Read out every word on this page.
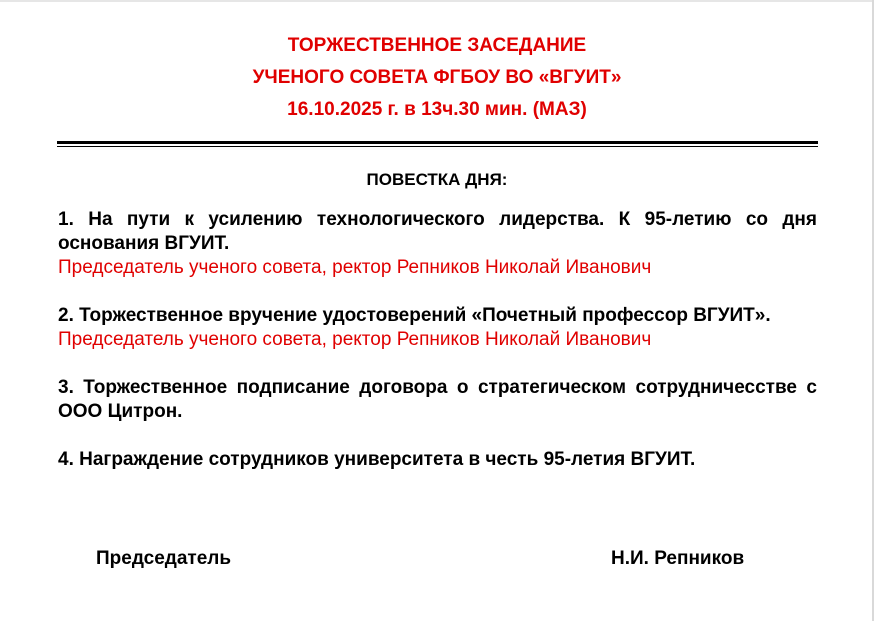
ТОРЖЕСТВЕННОЕ ЗАСЕДАНИЕ
УЧЕНОГО СОВЕТА ФГБОУ ВО «ВГУИТ»
16.10.2025 г. в 13ч.30 мин. (МАЗ)
ПОВЕСТКА ДНЯ:
1. На пути к усилению технологического лидерства. К 95-летию со дня основания ВГУИТ.
Председатель ученого совета, ректор Репников Николай Иванович
2. Торжественное вручение удостоверений «Почетный профессор ВГУИТ».
Председатель ученого совета, ректор Репников Николай Иванович
3. Торжественное подписание договора о стратегическом сотрудничесстве с ООО Цитрон.
4. Награждение сотрудников университета в честь 95-летия ВГУИТ.
Председатель	Н.И. Репников
